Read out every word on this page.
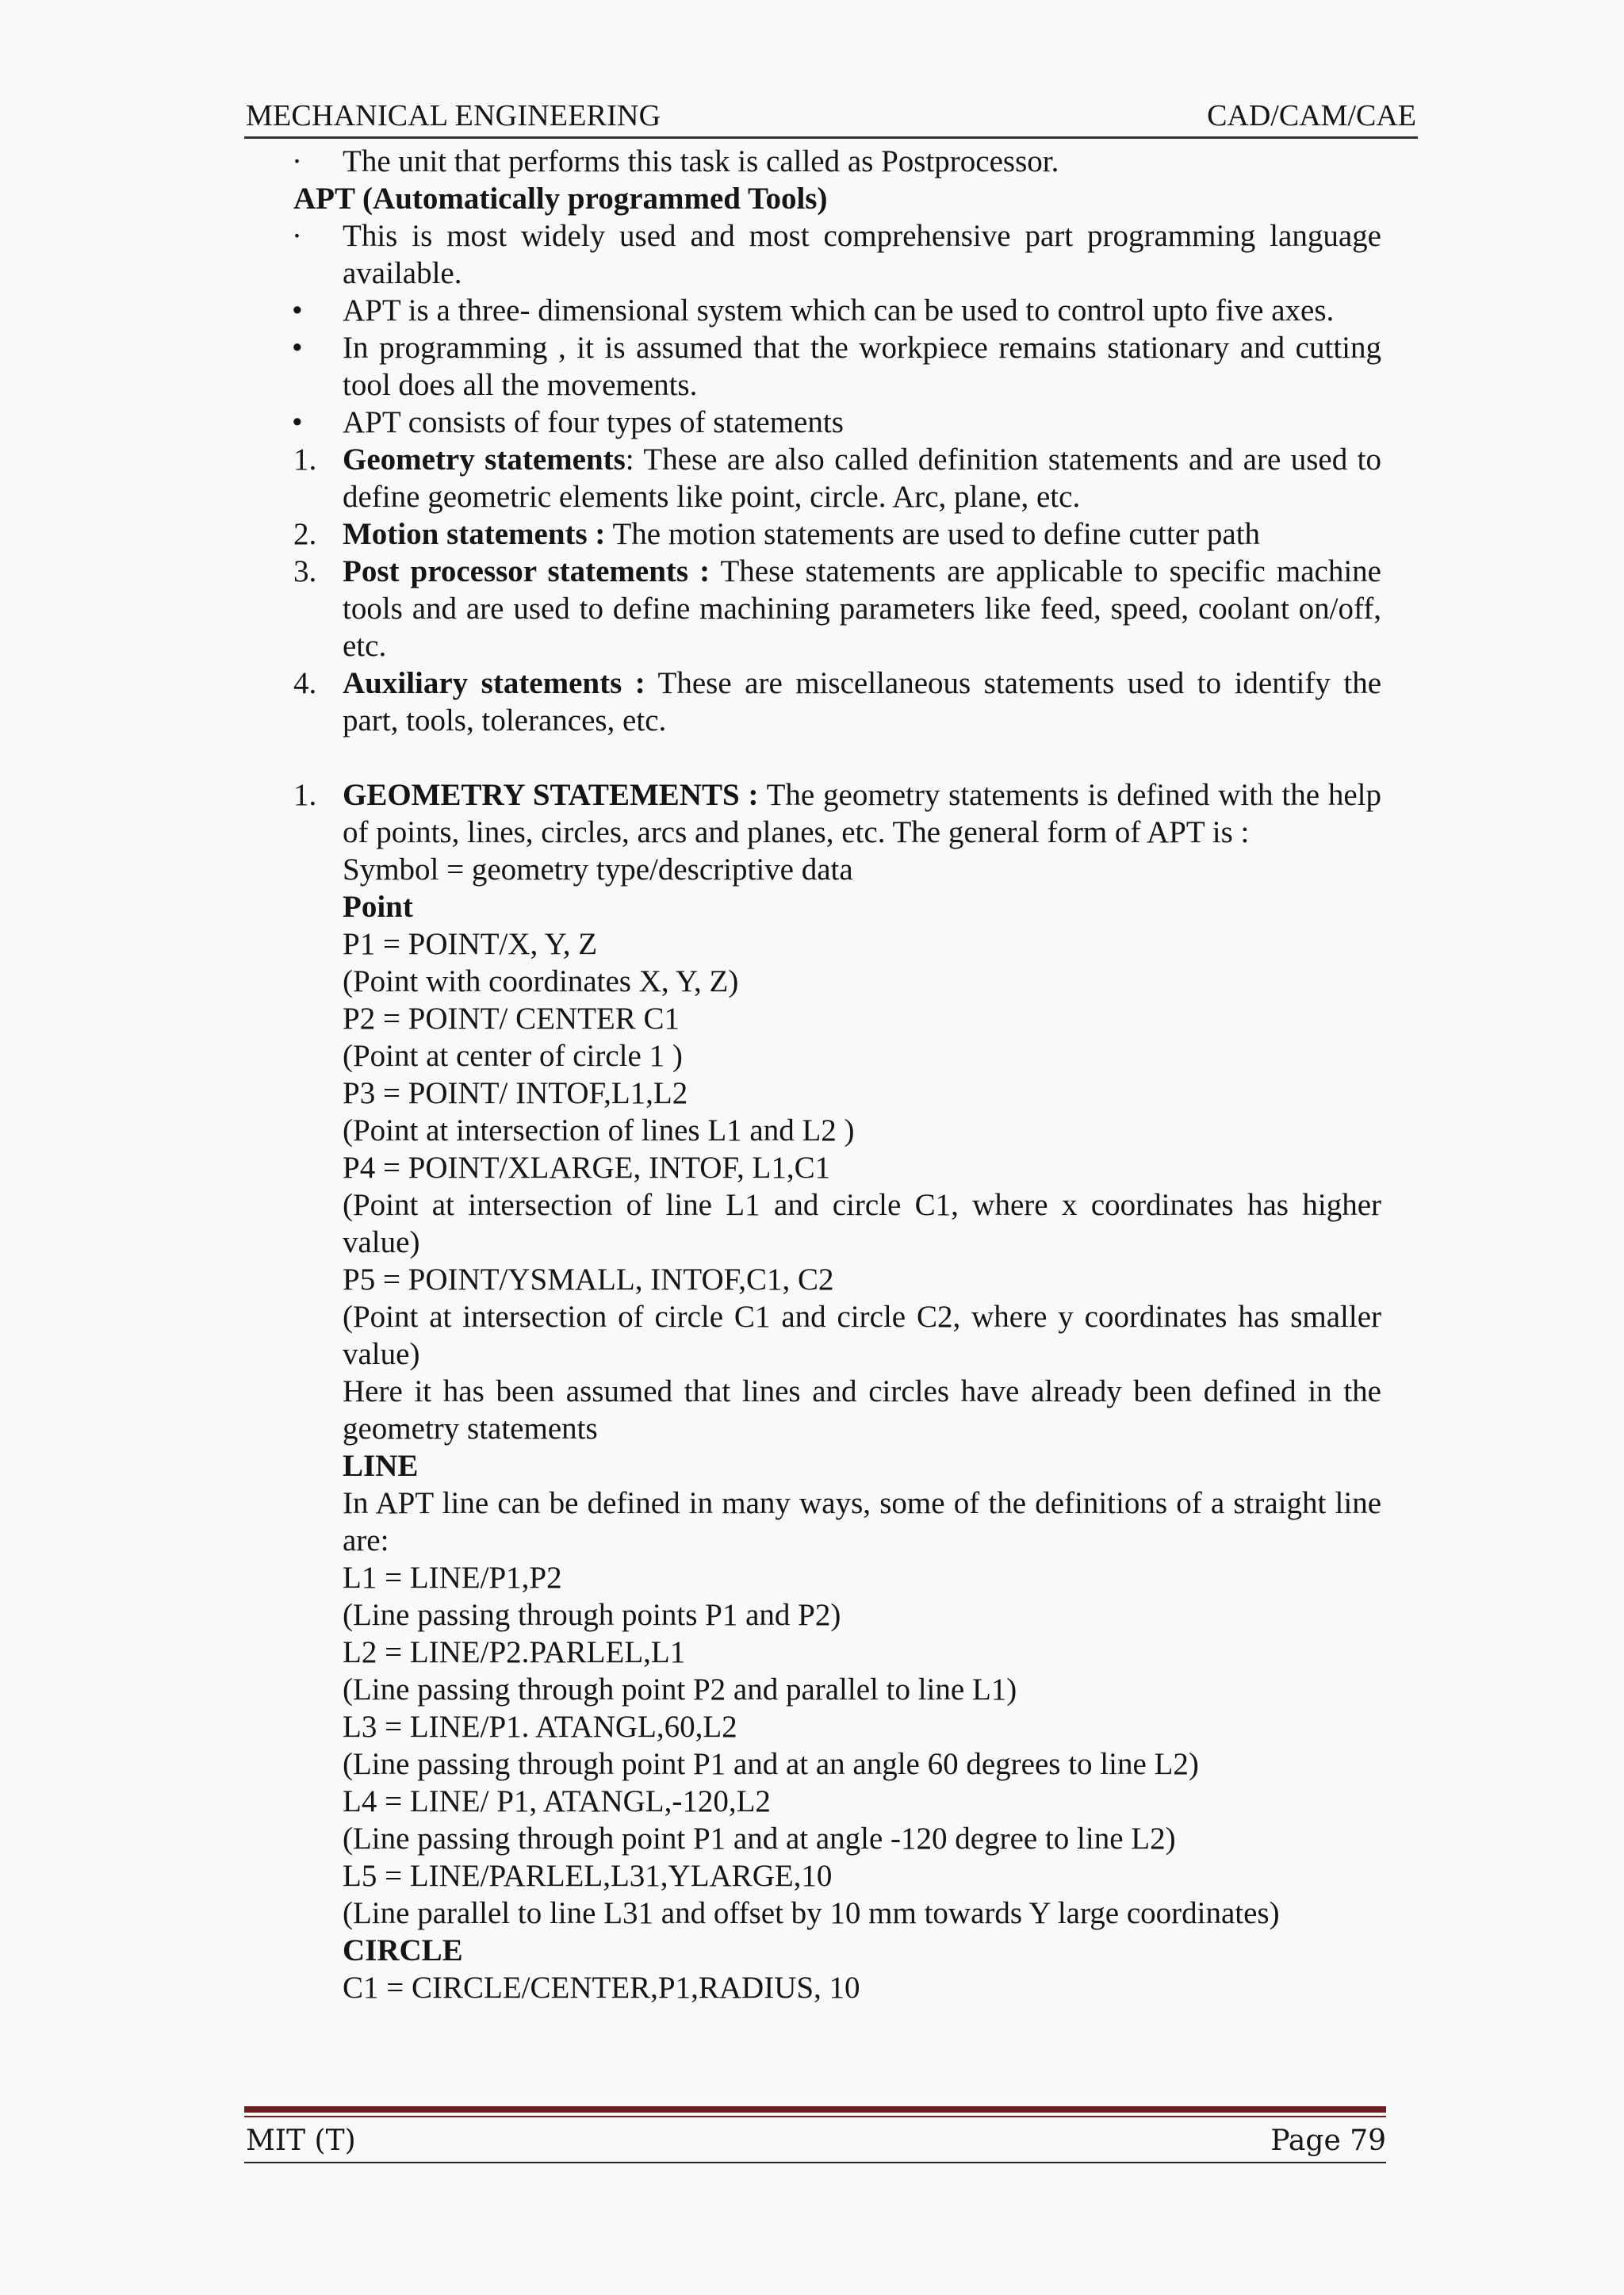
MECHANICAL ENGINEERING	CAD/CAM/CAE
· The unit that performs this task is called as Postprocessor.
APT (Automatically programmed Tools)
· This is most widely used and most comprehensive part programming language available.
• APT is a three- dimensional system which can be used to control upto five axes.
• In programming , it is assumed that the workpiece remains stationary and cutting tool does all the movements.
• APT consists of four types of statements
1. Geometry statements: These are also called definition statements and are used to define geometric elements like point, circle. Arc, plane, etc.
2. Motion statements : The motion statements are used to define cutter path
3. Post processor statements : These statements are applicable to specific machine tools and are used to define machining parameters like feed, speed, coolant on/off, etc.
4. Auxiliary statements : These are miscellaneous statements used to identify the part, tools, tolerances, etc.
1. GEOMETRY STATEMENTS : The geometry statements is defined with the help of points, lines, circles, arcs and planes, etc. The general form of APT is :
Symbol = geometry type/descriptive data
Point
P1 = POINT/X, Y, Z
(Point with coordinates X, Y, Z)
P2 = POINT/ CENTER C1
(Point at center of circle 1 )
P3 = POINT/ INTOF,L1,L2
(Point at intersection of lines L1 and L2 )
P4 = POINT/XLARGE, INTOF, L1,C1
(Point at intersection of line L1 and circle C1, where x coordinates has higher value)
P5 = POINT/YSMALL, INTOF,C1, C2
(Point at intersection of circle C1 and circle C2, where y coordinates has smaller value)
Here it has been assumed that lines and circles have already been defined in the geometry statements
LINE
In APT line can be defined in many ways, some of the definitions of a straight line are:
L1 = LINE/P1,P2
(Line passing through points P1 and P2)
L2 = LINE/P2.PARLEL,L1
(Line passing through point P2 and parallel to line L1)
L3 = LINE/P1. ATANGL,60,L2
(Line passing through point P1 and at an angle 60 degrees to line L2)
L4 = LINE/ P1, ATANGL,-120,L2
(Line passing through point P1 and at angle -120 degree to line L2)
L5 = LINE/PARLEL,L31,YLARGE,10
(Line parallel to line L31 and offset by 10 mm towards Y large coordinates)
CIRCLE
C1 = CIRCLE/CENTER,P1,RADIUS, 10
MIT (T)	Page 79
